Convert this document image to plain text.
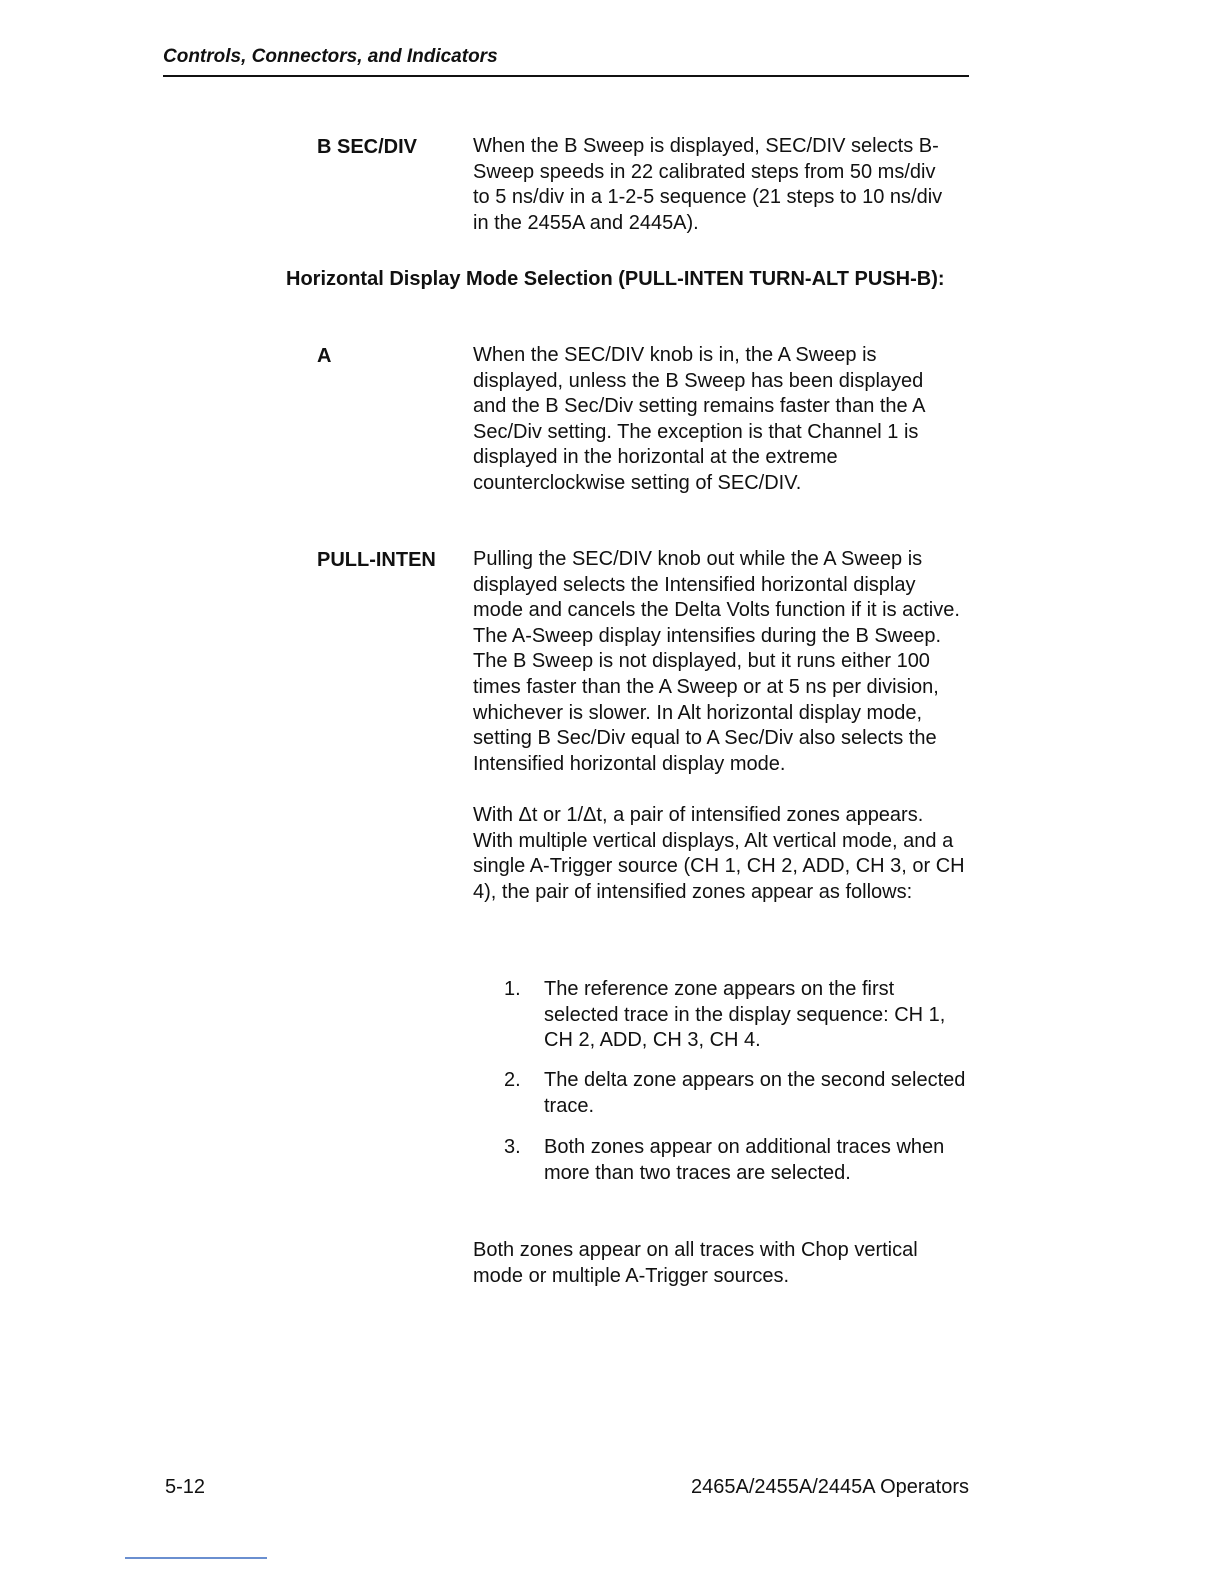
Controls, Connectors, and Indicators
B SEC/DIV	When the B Sweep is displayed, SEC/DIV selects B-Sweep speeds in 22 calibrated steps from 50 ms/div to 5 ns/div in a 1-2-5 sequence (21 steps to 10 ns/div in the 2455A and 2445A).
Horizontal Display Mode Selection (PULL-INTEN TURN-ALT PUSH-B):
A	When the SEC/DIV knob is in, the A Sweep is displayed, unless the B Sweep has been displayed and the B Sec/Div setting remains faster than the A Sec/Div setting. The exception is that Channel 1 is displayed in the horizontal at the extreme counterclockwise setting of SEC/DIV.
PULL-INTEN Pulling the SEC/DIV knob out while the A Sweep is displayed selects the Intensified horizontal display mode and cancels the Delta Volts function if it is active. The A-Sweep display intensifies during the B Sweep. The B Sweep is not displayed, but it runs either 100 times faster than the A Sweep or at 5 ns per division, whichever is slower. In Alt horizontal display mode, setting B Sec/Div equal to A Sec/Div also selects the Intensified horizontal display mode.
With Δt or 1/Δt, a pair of intensified zones appears. With multiple vertical displays, Alt vertical mode, and a single A-Trigger source (CH 1, CH 2, ADD, CH 3, or CH 4), the pair of intensified zones appear as follows:
1. The reference zone appears on the first selected trace in the display sequence: CH 1, CH 2, ADD, CH 3, CH 4.
2. The delta zone appears on the second selected trace.
3. Both zones appear on additional traces when more than two traces are selected.
Both zones appear on all traces with Chop vertical mode or multiple A-Trigger sources.
5-12	2465A/2455A/2445A Operators
